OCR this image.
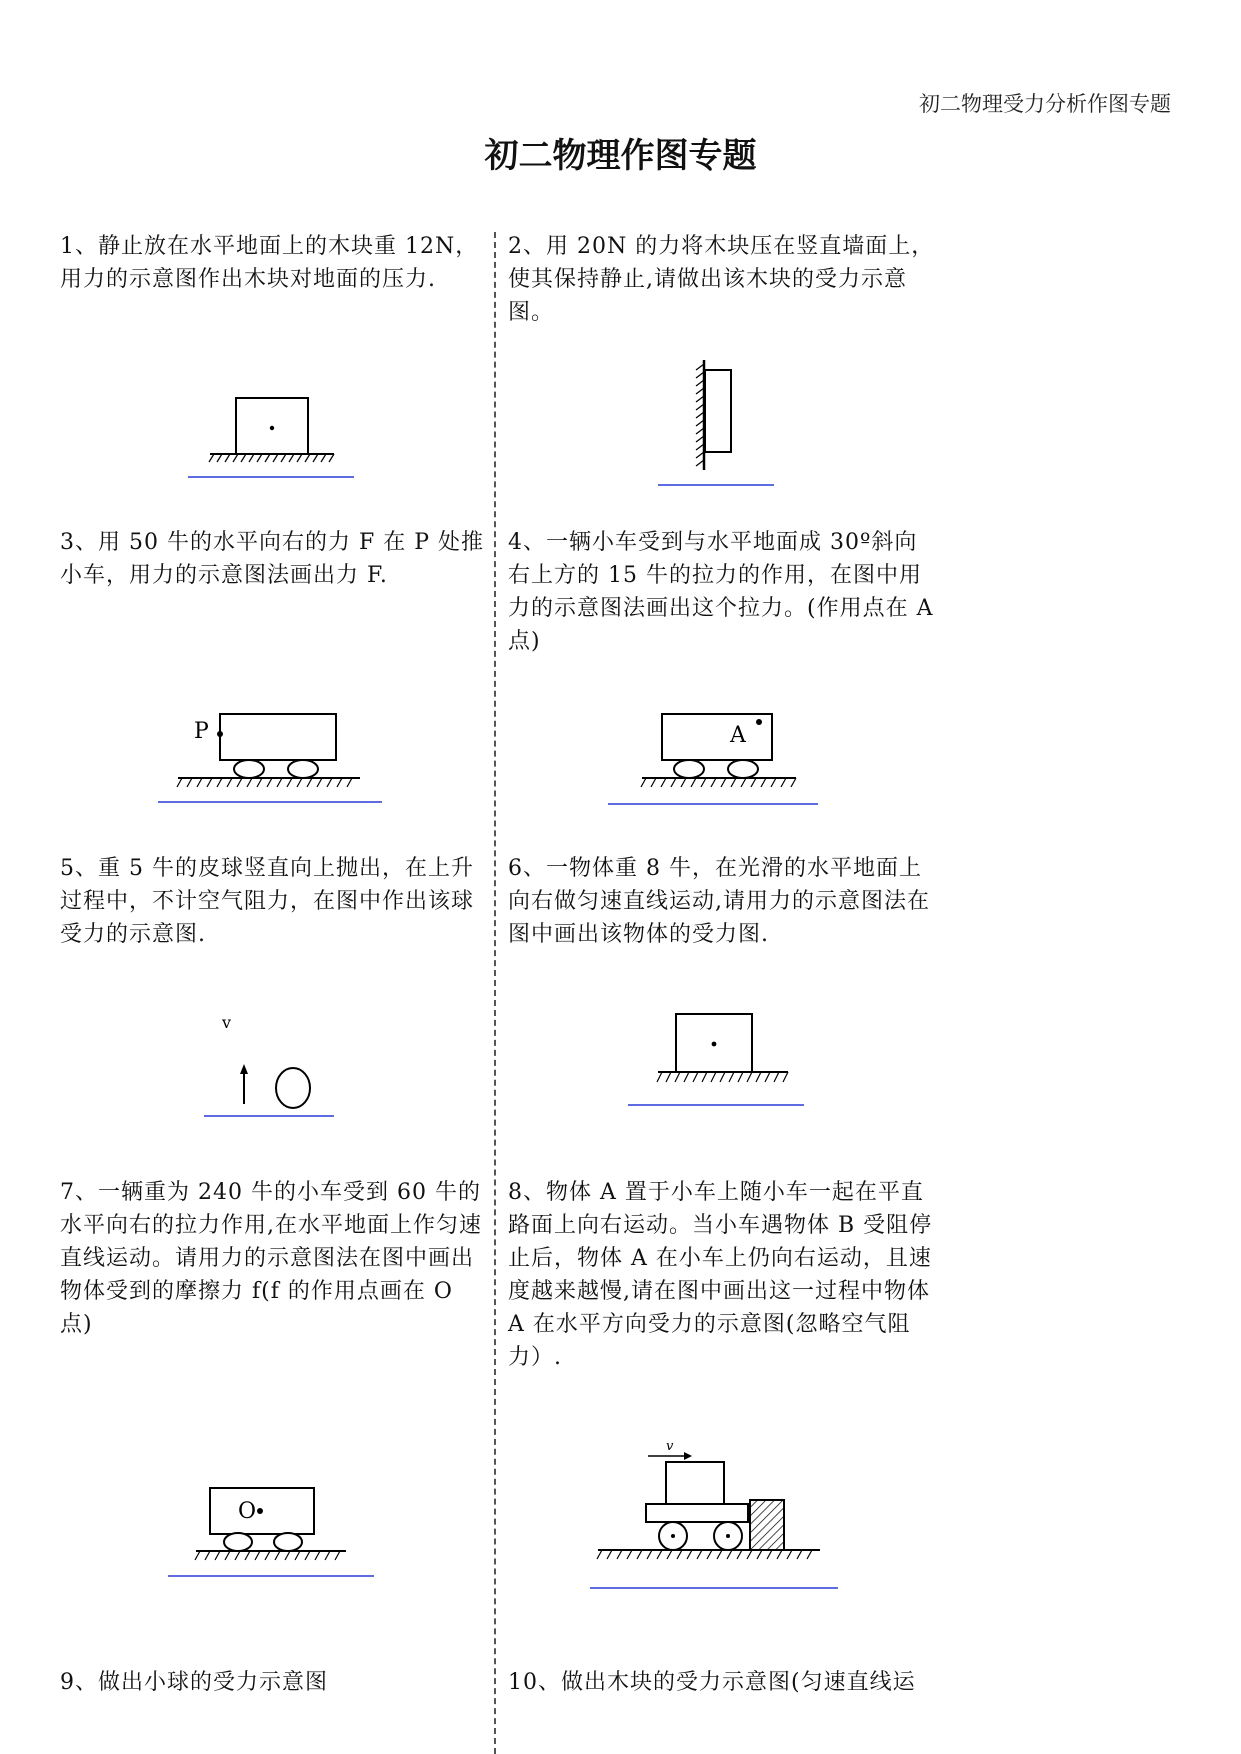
初二物理受力分析作图专题
初二物理作图专题
1、静止放在水平地面上的木块重 12N，用力的示意图作出木块对地面的压力.
2、用 20N 的力将木块压在竖直墙面上，使其保持静止,请做出该木块的受力示意图。
3、用 50 牛的水平向右的力 F 在 P 处推小车，用力的示意图法画出力 F.
4、一辆小车受到与水平地面成 30º斜向右上方的 15 牛的拉力的作用，在图中用力的示意图法画出这个拉力。(作用点在 A 点)
P	A
5、重 5 牛的皮球竖直向上抛出，在上升过程中，不计空气阻力，在图中作出该球受力的示意图.
6、一物体重 8 牛，在光滑的水平地面上向右做匀速直线运动,请用力的示意图法在图中画出该物体的受力图.
v
7、一辆重为 240 牛的小车受到 60 牛的水平向右的拉力作用,在水平地面上作匀速直线运动。请用力的示意图法在图中画出物体受到的摩擦力 f(f 的作用点画在 O 点)
8、物体 A 置于小车上随小车一起在平直路面上向右运动。当小车遇物体 B 受阻停止后，物体 A 在小车上仍向右运动，且速度越来越慢,请在图中画出这一过程中物体 A 在水平方向受力的示意图(忽略空气阻力）.
O
v
9、做出小球的受力示意图	10、做出木块的受力示意图(匀速直线运
